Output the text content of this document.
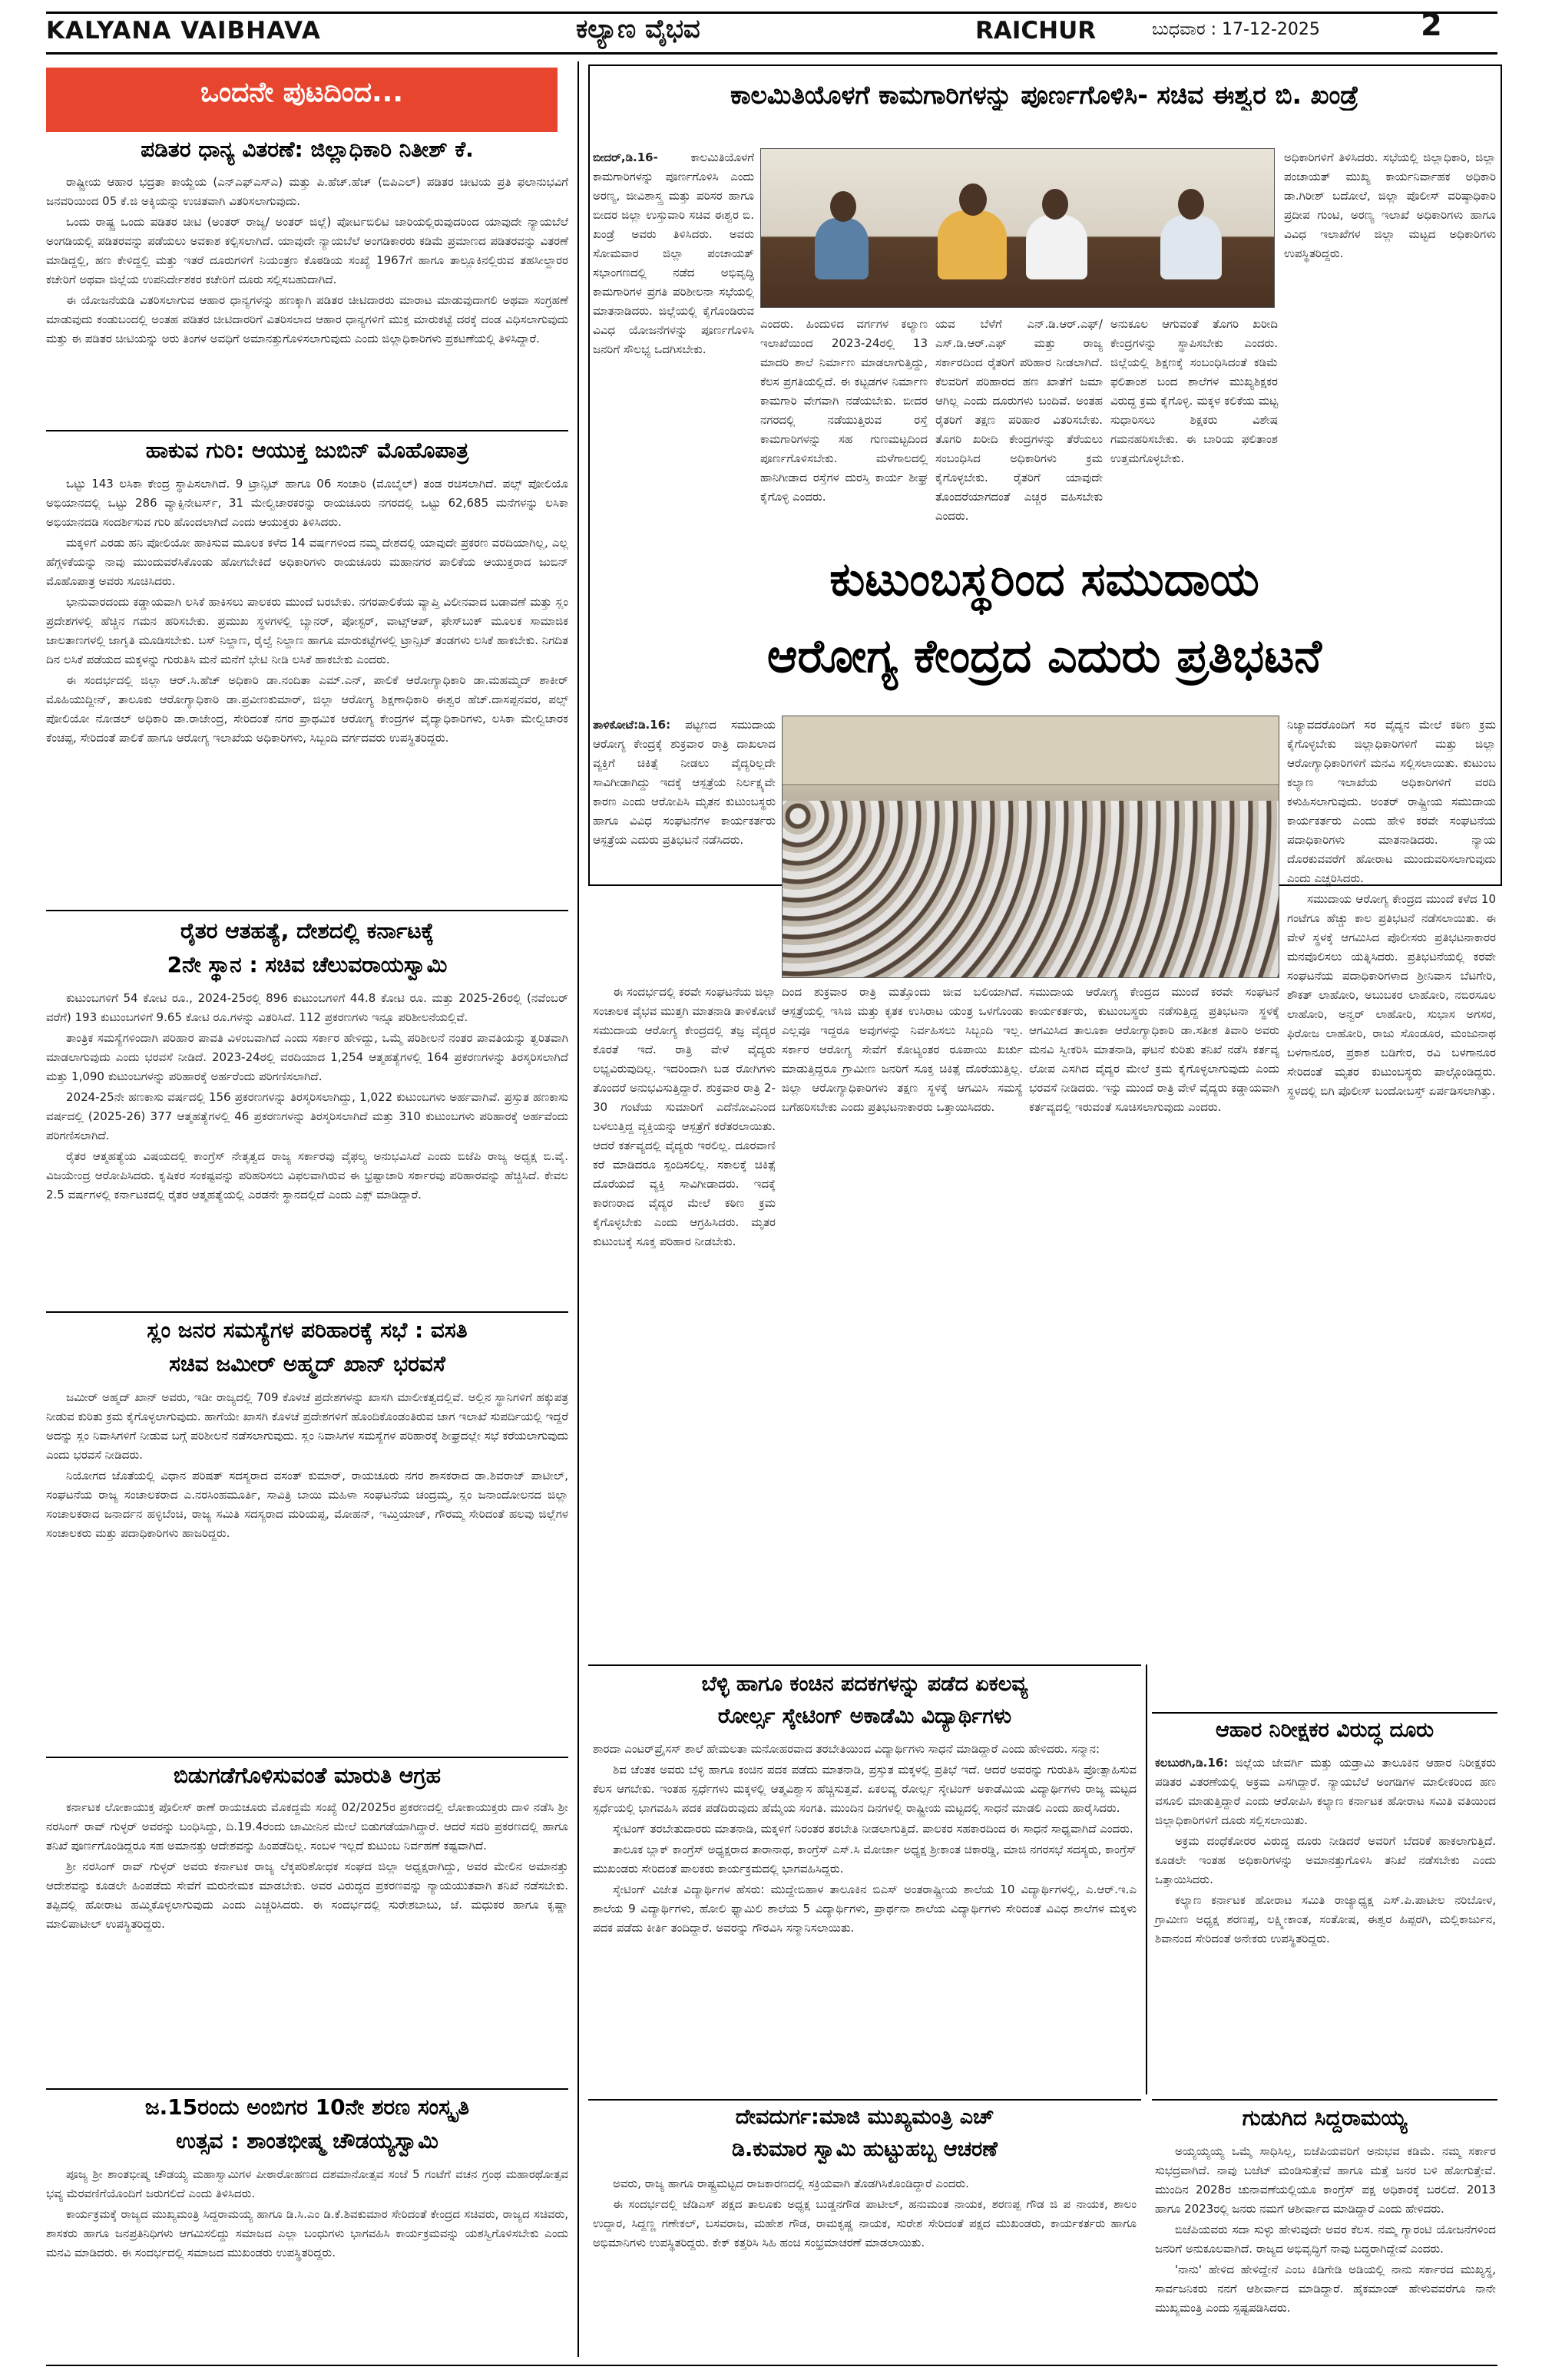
KALYANA VAIBHAVA	ಕಲ್ಯಾಣ ವೈಭವ	RAICHUR	ಬುಧವಾರ : 17-12-2025	2
ಒಂದನೇ ಪುಟದಿಂದ...
ಪಡಿತರ ಧಾನ್ಯ ವಿತರಣೆ: ಜಿಲ್ಲಾಧಿಕಾರಿ ನಿತೀಶ್ ಕೆ.

ರಾಷ್ಟ್ರೀಯ ಆಹಾರ ಭದ್ರತಾ ಕಾಯ್ದೆಯ (ಎನ್‌ಎಫ್‌ಎಸ್‌ಎ) ಮತ್ತು ಪಿ.ಹೆಚ್.ಹೆಚ್ (ಬಿಪಿಎಲ್) ಪಡಿತರ ಚೀಟಿಯ ಪ್ರತಿ ಫಲಾನುಭವಿಗೆ ಜನವರಿಯಿಂದ 05 ಕೆ.ಜಿ ಅಕ್ಕಿಯನ್ನು ಉಚಿತವಾಗಿ ವಿತರಿಸಲಾಗುವುದು.

ಒಂದು ರಾಷ್ಟ್ರ ಒಂದು ಪಡಿತರ ಚೀಟಿ (ಅಂತರ್ ರಾಜ್ಯ/ ಅಂತರ್ ಜಿಲ್ಲೆ) ಪೋರ್ಟಬಿಲಿಟಿ ಜಾರಿಯಲ್ಲಿರುವುದರಿಂದ ಯಾವುದೇ ನ್ಯಾಯಬೆಲೆ ಅಂಗಡಿಯಲ್ಲಿ ಪಡಿತರವನ್ನು ಪಡೆಯಲು ಅವಕಾಶ ಕಲ್ಪಿಸಲಾಗಿದೆ. ಯಾವುದೇ ನ್ಯಾಯಬೆಲೆ ಅಂಗಡಿಕಾರರು ಕಡಿಮೆ ಪ್ರಮಾಣದ ಪಡಿತರವನ್ನು ವಿತರಣೆ ಮಾಡಿದ್ದಲ್ಲಿ, ಹಣ ಕೇಳಿದ್ದಲ್ಲಿ ಮತ್ತು ಇತರೆ ದೂರುಗಳಿಗೆ ನಿಯಂತ್ರಣ ಕೊಠಡಿಯ ಸಂಖ್ಯೆ 1967ಗೆ ಹಾಗೂ ತಾಲ್ಲೂಕಿನಲ್ಲಿರುವ ತಹಸೀಲ್ದಾರರ ಕಚೇರಿಗೆ ಅಥವಾ ಜಿಲ್ಲೆಯ ಉಪನಿರ್ದೇಶಕರ ಕಚೇರಿಗೆ ದೂರು ಸಲ್ಲಿಸಬಹುದಾಗಿದೆ.

ಈ ಯೋಜನೆಯಡಿ ವಿತರಿಸಲಾಗುವ ಆಹಾರ ಧಾನ್ಯಗಳನ್ನು ಹಣಕ್ಕಾಗಿ ಪಡಿತರ ಚೀಟಿದಾರರು ಮಾರಾಟ ಮಾಡುವುದಾಗಲಿ ಅಥವಾ ಸಂಗ್ರಹಣೆ ಮಾಡುವುದು ಕಂಡುಬಂದಲ್ಲಿ ಅಂತಹ ಪಡಿತರ ಚೀಟಿದಾರರಿಗೆ ವಿತರಿಸಲಾದ ಆಹಾರ ಧಾನ್ಯಗಳಿಗೆ ಮುಕ್ತ ಮಾರುಕಟ್ಟೆ ದರಕ್ಕೆ ದಂಡ ವಿಧಿಸಲಾಗುವುದು ಮತ್ತು ಈ ಪಡಿತರ ಚೀಟಿಯನ್ನು ಅರು ತಿಂಗಳ ಅವಧಿಗೆ ಅಮಾನತ್ತುಗೊಳಿಸಲಾಗುವುದು ಎಂದು ಜಿಲ್ಲಾಧಿಕಾರಿಗಳು ಪ್ರಕಟಣೆಯಲ್ಲಿ ತಿಳಿಸಿದ್ದಾರೆ.

ಹಾಕುವ ಗುರಿ: ಆಯುಕ್ತ ಜುಬಿನ್ ಮೊಹೊಪಾತ್ರ

ಒಟ್ಟು 143 ಲಸಿಕಾ ಕೇಂದ್ರ ಸ್ಥಾಪಿಸಲಾಗಿದೆ. 9 ಟ್ರಾನ್ಸಿಟ್ ಹಾಗೂ 06 ಸಂಚಾರಿ (ಮೊಬೈಲ್) ತಂಡ ರಚಿಸಲಾಗಿದೆ. ಪಲ್ಸ್ ಪೋಲಿಯೊ ಅಭಿಯಾನದಲ್ಲಿ ಒಟ್ಟು 286 ವ್ಯಾಕ್ಸಿನೇಟರ್ಸ್, 31 ಮೇಲ್ವಿಚಾರಕರನ್ನು ರಾಯಚೂರು ನಗರದಲ್ಲಿ ಒಟ್ಟು 62,685 ಮನೆಗಳನ್ನು ಲಸಿಕಾ ಅಭಿಯಾನದಡಿ ಸಂದರ್ಶಿಸುವ ಗುರಿ ಹೊಂದಲಾಗಿದೆ ಎಂದು ಆಯುಕ್ತರು ತಿಳಿಸಿದರು.

ಮಕ್ಕಳಿಗೆ ಎರಡು ಹನಿ ಪೋಲಿಯೋ ಹಾಕಿಸುವ ಮೂಲಕ ಕಳೆದ 14 ವರ್ಷಗಳಿಂದ ನಮ್ಮ ದೇಶದಲ್ಲಿ ಯಾವುದೇ ಪ್ರಕರಣ ವರದಿಯಾಗಿಲ್ಲ, ಎಲ್ಲ ಹೆಗ್ಗಳಿಕೆಯನ್ನು ನಾವು ಮುಂದುವರೆಸಿಕೊಂಡು ಹೋಗಬೇಕಿದೆ ಅಧಿಕಾರಿಗಳು ರಾಯಚೂರು ಮಹಾನಗರ ಪಾಲಿಕೆಯ ಆಯುಕ್ತರಾದ ಜುಬಿನ್ ಮೊಹೊಪಾತ್ರ ಅವರು ಸೂಚಿಸಿದರು.

ಭಾನುವಾರದಂದು ಕಡ್ಡಾಯವಾಗಿ ಲಸಿಕೆ ಹಾಕಿಸಲು ಪಾಲಕರು ಮುಂದೆ ಬರಬೇಕು. ನಗರಪಾಲಿಕೆಯ ವ್ಯಾಪ್ತಿ ವಿಲೀನವಾದ ಬಡಾವಣೆ ಮತ್ತು ಸ್ಲಂ ಪ್ರದೇಶಗಳಲ್ಲಿ ಹೆಚ್ಚಿನ ಗಮನ ಹರಿಸಬೇಕು. ಪ್ರಮುಖ ಸ್ಥಳಗಳಲ್ಲಿ ಬ್ಯಾನರ್, ಪೋಸ್ಟರ್, ವಾಟ್ಸ್‌ಆಪ್, ಫೇಸ್‌ಬುಕ್ ಮೂಲಕ ಸಾಮಾಜಿಕ ಜಾಲತಾಣಗಳಲ್ಲಿ ಜಾಗೃತಿ ಮೂಡಿಸಬೇಕು. ಬಸ್ ನಿಲ್ದಾಣ, ರೈಲ್ವೆ ನಿಲ್ದಾಣ ಹಾಗೂ ಮಾರುಕಟ್ಟೆಗಳಲ್ಲಿ ಟ್ರಾನ್ಸಿಟ್ ತಂಡಗಳು ಲಸಿಕೆ ಹಾಕಬೇಕು. ನಿಗದಿತ ದಿನ ಲಸಿಕೆ ಪಡೆಯದ ಮಕ್ಕಳನ್ನು ಗುರುತಿಸಿ ಮನೆ ಮನೆಗೆ ಭೇಟಿ ನೀಡಿ ಲಸಿಕೆ ಹಾಕಬೇಕು ಎಂದರು.

ಈ ಸಂದರ್ಭದಲ್ಲಿ ಜಿಲ್ಲಾ ಆರ್.ಸಿ.ಹೆಚ್ ಅಧಿಕಾರಿ ಡಾ.ನಂದಿತಾ ಎಮ್.ಎನ್, ಪಾಲಿಕೆ ಆರೋಗ್ಯಾಧಿಕಾರಿ ಡಾ.ಮಹಮ್ಮದ್ ಶಾಕೀರ್ ಮೊಹಿಯುದ್ದೀನ್, ತಾಲೂಕು ಆರೋಗ್ಯಾಧಿಕಾರಿ ಡಾ.ಪ್ರವೀಣಕುಮಾರ್, ಜಿಲ್ಲಾ ಆರೋಗ್ಯ ಶಿಕ್ಷಣಾಧಿಕಾರಿ ಈಶ್ವರ ಹೆಚ್.ದಾಸಪ್ಪನವರ, ಪಲ್ಸ್ ಪೋಲಿಯೋ ನೋಡಲ್ ಅಧಿಕಾರಿ ಡಾ.ರಾಜೇಂದ್ರ, ಸೇರಿದಂತೆ ನಗರ ಪ್ರಾಥಮಿಕ ಆರೋಗ್ಯ ಕೇಂದ್ರಗಳ ವೈದ್ಯಾಧಿಕಾರಿಗಳು, ಲಸಿಕಾ ಮೇಲ್ವಿಚಾರಕ ಕೆಂಚಪ್ಪ, ಸೇರಿದಂತೆ ಪಾಲಿಕೆ ಹಾಗೂ ಆರೋಗ್ಯ ಇಲಾಖೆಯ ಅಧಿಕಾರಿಗಳು, ಸಿಬ್ಬಂದಿ ವರ್ಗದವರು ಉಪಸ್ಥಿತರಿದ್ದರು.

ರೈತರ ಆತಹತ್ಯೆ, ದೇಶದಲ್ಲಿ ಕರ್ನಾಟಕ್ಕೆ
2ನೇ ಸ್ಥಾನ : ಸಚಿವ ಚೆಲುವರಾಯಸ್ವಾಮಿ

ಕುಟುಂಬಗಳಿಗೆ 54 ಕೋಟಿ ರೂ., 2024-25ರಲ್ಲಿ 896 ಕುಟುಂಬಗಳಿಗೆ 44.8 ಕೋಟಿ ರೂ. ಮತ್ತು 2025-26ರಲ್ಲಿ (ನವೆಂಬರ್ ವರೆಗೆ) 193 ಕುಟುಂಬಗಳಿಗೆ 9.65 ಕೋಟಿ ರೂ.ಗಳನ್ನು ವಿತರಿಸಿದೆ. 112 ಪ್ರಕರಣಗಳು ಇನ್ನೂ ಪರಿಶೀಲನೆಯಲ್ಲಿವೆ.

ತಾಂತ್ರಿಕ ಸಮಸ್ಯೆಗಳಿಂದಾಗಿ ಪರಿಹಾರ ಪಾವತಿ ವಿಳಂಬವಾಗಿದೆ ಎಂದು ಸರ್ಕಾರ ಹೇಳಿದ್ದು, ಒಮ್ಮೆ ಪರಿಶೀಲನೆ ನಂತರ ಪಾವತಿಯನ್ನು ತ್ವರಿತವಾಗಿ ಮಾಡಲಾಗುವುದು ಎಂದು ಭರವಸೆ ನೀಡಿದೆ. 2023-24ರಲ್ಲಿ ವರದಿಯಾದ 1,254 ಆತ್ಮಹತ್ಯೆಗಳಲ್ಲಿ 164 ಪ್ರಕರಣಗಳನ್ನು ತಿರಸ್ಕರಿಸಲಾಗಿದೆ ಮತ್ತು 1,090 ಕುಟುಂಬಗಳನ್ನು ಪರಿಹಾರಕ್ಕೆ ಅರ್ಹರೆಂದು ಪರಿಗಣಿಸಲಾಗಿದೆ.

2024-25ನೇ ಹಣಕಾಸು ವರ್ಷದಲ್ಲಿ 156 ಪ್ರಕರಣಗಳನ್ನು ತಿರಸ್ಕರಿಸಲಾಗಿದ್ದು, 1,022 ಕುಟುಂಬಗಳು ಅರ್ಹವಾಗಿವೆ. ಪ್ರಸ್ತುತ ಹಣಕಾಸು ವರ್ಷದಲ್ಲಿ (2025-26) 377 ಆತ್ಮಹತ್ಯೆಗಳಲ್ಲಿ 46 ಪ್ರಕರಣಗಳನ್ನು ತಿರಸ್ಕರಿಸಲಾಗಿದೆ ಮತ್ತು 310 ಕುಟುಂಬಗಳು ಪರಿಹಾರಕ್ಕೆ ಅರ್ಹವೆಂದು ಪರಿಗಣಿಸಲಾಗಿದೆ.

ರೈತರ ಆತ್ಮಹತ್ಯೆಯ ವಿಷಯದಲ್ಲಿ ಕಾಂಗ್ರೆಸ್ ನೇತೃತ್ವದ ರಾಜ್ಯ ಸರ್ಕಾರವು ವೈಫಲ್ಯ ಅನುಭವಿಸಿದೆ ಎಂದು ಬಿಜೆಪಿ ರಾಜ್ಯ ಅಧ್ಯಕ್ಷ ಬಿ.ವೈ. ವಿಜಯೇಂದ್ರ ಆರೋಪಿಸಿದರು. ಕೃಷಿಕರ ಸಂಕಷ್ಟವನ್ನು ಪರಿಹರಿಸಲು ವಿಫಲವಾಗಿರುವ ಈ ಭ್ರಷ್ಟಾಚಾರಿ ಸರ್ಕಾರವು ಪರಿಹಾರವನ್ನು ಹೆಚ್ಚಿಸಿದೆ. ಕೇವಲ 2.5 ವರ್ಷಗಳಲ್ಲಿ ಕರ್ನಾಟಕದಲ್ಲಿ ರೈತರ ಆತ್ಮಹತ್ಯೆಯಲ್ಲಿ ಎರಡನೇ ಸ್ಥಾನದಲ್ಲಿದೆ ಎಂದು ಎಕ್ಸ್ ಮಾಡಿದ್ದಾರೆ.

ಸ್ಲಂ ಜನರ ಸಮಸ್ಯೆಗಳ ಪರಿಹಾರಕ್ಕೆ ಸಭೆ : ವಸತಿ
ಸಚಿವ ಜಮೀರ್ ಅಹ್ಮದ್ ಖಾನ್ ಭರವಸೆ

ಜಮೀರ್ ಅಹ್ಮದ್ ಖಾನ್ ಅವರು, ಇಡೀ ರಾಜ್ಯದಲ್ಲಿ 709 ಕೊಳಚೆ ಪ್ರದೇಶಗಳನ್ನು ಖಾಸಗಿ ಮಾಲೀಕತ್ವದಲ್ಲಿವೆ. ಅಲ್ಲಿನ ಸ್ಥಾನಿಗಳಿಗೆ ಹಕ್ಕುಪತ್ರ ನೀಡುವ ಕುರಿತು ಕ್ರಮ ಕೈಗೊಳ್ಳಲಾಗುವುದು. ಹಾಗೆಯೇ ಖಾಸಗಿ ಕೊಳಚೆ ಪ್ರದೇಶಗಳಿಗೆ ಹೊಂದಿಕೊಂಡಂತಿರುವ ಜಾಗ ಇಲಾಖೆ ಸುಪರ್ದಿಯಲ್ಲಿ ಇದ್ದರೆ ಅದನ್ನು ಸ್ಲಂ ನಿವಾಸಿಗಳಿಗೆ ನೀಡುವ ಬಗ್ಗೆ ಪರಿಶೀಲನೆ ನಡೆಸಲಾಗುವುದು. ಸ್ಲಂ ನಿವಾಸಿಗಳ ಸಮಸ್ಯೆಗಳ ಪರಿಹಾರಕ್ಕೆ ಶೀಘ್ರದಲ್ಲೇ ಸಭೆ ಕರೆಯಲಾಗುವುದು ಎಂದು ಭರವಸೆ ನೀಡಿದರು.

ನಿಯೋಗದ ಜೊತೆಯಲ್ಲಿ ವಿಧಾನ ಪರಿಷತ್ ಸದಸ್ಯರಾದ ವಸಂತ್ ಕುಮಾರ್, ರಾಯಚೂರು ನಗರ ಶಾಸಕರಾದ ಡಾ.ಶಿವರಾಜ್ ಪಾಟೀಲ್, ಸಂಘಟನೆಯ ರಾಜ್ಯ ಸಂಚಾಲಕರಾದ ಎ.ನರಸಿಂಹಮೂರ್ತಿ, ಸಾವಿತ್ರಿ ಬಾಯಿ ಮಹಿಳಾ ಸಂಘಟನೆಯ ಚಂದ್ರಮ್ಮ, ಸ್ಲಂ ಜನಾಂದೋಲನದ ಜಿಲ್ಲಾ ಸಂಚಾಲಕರಾದ ಜನಾರ್ದನ ಹಳ್ಳಿಬೆಂಚಿ, ರಾಜ್ಯ ಸಮಿತಿ ಸದಸ್ಯರಾದ ಮರಿಯಪ್ಪ, ಮೋಹನ್, ಇಮ್ತಿಯಾಜ್, ಗೌರಮ್ಮ ಸೇರಿದಂತೆ ಹಲವು ಜಿಲ್ಲೆಗಳ ಸಂಚಾಲಕರು ಮತ್ತು ಪದಾಧಿಕಾರಿಗಳು ಹಾಜರಿದ್ದರು.

ಬಿಡುಗಡೆಗೊಳಿಸುವಂತೆ ಮಾರುತಿ ಆಗ್ರಹ

ಕರ್ನಾಟಕ ಲೋಕಾಯುಕ್ತ ಪೊಲೀಸ್ ಠಾಣೆ ರಾಯಚೂರು ಮೊಕದ್ದಮೆ ಸಂಖ್ಯೆ 02/2025ರ ಪ್ರಕರಣದಲ್ಲಿ ಲೋಕಾಯುಕ್ತರು ದಾಳಿ ನಡೆಸಿ ಶ್ರೀ ನರಸಿಂಗ್ ರಾವ್ ಗುಳ್ಳರ್ ಅವರನ್ನು ಬಂಧಿಸಿದ್ದು, ದಿ.19.4ರಂದು ಜಾಮೀನಿನ ಮೇಲೆ ಬಿಡುಗಡೆಯಾಗಿದ್ದಾರೆ. ಆದರೆ ಸದರಿ ಪ್ರಕರಣದಲ್ಲಿ ಹಾಗೂ ತನಿಖೆ ಪೂರ್ಣಗೊಂಡಿದ್ದರೂ ಸಹ ಅಮಾನತ್ತು ಆದೇಶವನ್ನು ಹಿಂಪಡೆದಿಲ್ಲ. ಸಂಬಳ ಇಲ್ಲದೆ ಕುಟುಂಬ ನಿರ್ವಹಣೆ ಕಷ್ಟವಾಗಿದೆ.

ಶ್ರೀ ನರಸಿಂಗ್ ರಾವ್ ಗುಳ್ಳರ್ ಅವರು ಕರ್ನಾಟಕ ರಾಜ್ಯ ಲೆಕ್ಕಪರಿಶೋಧಕ ಸಂಘದ ಜಿಲ್ಲಾ ಅಧ್ಯಕ್ಷರಾಗಿದ್ದು, ಅವರ ಮೇಲಿನ ಅಮಾನತ್ತು ಆದೇಶವನ್ನು ಕೂಡಲೇ ಹಿಂಪಡೆದು ಸೇವೆಗೆ ಮರುನೇಮಕ ಮಾಡಬೇಕು. ಅವರ ವಿರುದ್ಧದ ಪ್ರಕರಣವನ್ನು ನ್ಯಾಯಯುತವಾಗಿ ತನಿಖೆ ನಡೆಸಬೇಕು. ತಪ್ಪಿದಲ್ಲಿ ಹೋರಾಟ ಹಮ್ಮಿಕೊಳ್ಳಲಾಗುವುದು ಎಂದು ಎಚ್ಚರಿಸಿದರು. ಈ ಸಂದರ್ಭದಲ್ಲಿ ಸುರೇಶಬಾಬು, ಜೆ. ಮಧುಕರ ಹಾಗೂ ಕೃಷ್ಣಾ ಮಾಲಿಪಾಟೀಲ್ ಉಪಸ್ಥಿತರಿದ್ದರು.

ಜ.15ರಂದು ಅಂಬಿಗರ 10ನೇ ಶರಣ ಸಂಸ್ಕೃತಿ
ಉತ್ಸವ : ಶಾಂತಭೀಷ್ಮ ಚೌಡಯ್ಯಸ್ವಾಮಿ

ಪೂಜ್ಯ ಶ್ರೀ ಶಾಂತಭೀಷ್ಮ ಚೌಡಯ್ಯ ಮಹಾಸ್ವಾಮಿಗಳ ಪೀಠಾರೋಹಣದ ದಶಮಾನೋತ್ಸವ ಸಂಜೆ 5 ಗಂಟೆಗೆ ವಚನ ಗ್ರಂಥ ಮಹಾರಥೋತ್ಸವ ಭವ್ಯ ಮೆರವಣಿಗೆಯೊಂದಿಗೆ ಜರುಗಲಿದೆ ಎಂದು ತಿಳಿಸಿದರು.

ಕಾರ್ಯಕ್ರಮಕ್ಕೆ ರಾಜ್ಯದ ಮುಖ್ಯಮಂತ್ರಿ ಸಿದ್ದರಾಮಯ್ಯ ಹಾಗೂ ಡಿ.ಸಿ.ಎಂ ಡಿ.ಕೆ.ಶಿವಕುಮಾರ ಸೇರಿದಂತೆ ಕೇಂದ್ರದ ಸಚಿವರು, ರಾಜ್ಯದ ಸಚಿವರು, ಶಾಸಕರು ಹಾಗೂ ಜನಪ್ರತಿನಿಧಿಗಳು ಆಗಮಿಸಲಿದ್ದು ಸಮಾಜದ ಎಲ್ಲಾ ಬಂಧುಗಳು ಭಾಗವಹಿಸಿ ಕಾರ್ಯಕ್ರಮವನ್ನು ಯಶಸ್ವಿಗೊಳಿಸಬೇಕು ಎಂದು ಮನವಿ ಮಾಡಿದರು. ಈ ಸಂದರ್ಭದಲ್ಲಿ ಸಮಾಜದ ಮುಖಂಡರು ಉಪಸ್ಥಿತರಿದ್ದರು.

ಕಾಲಮಿತಿಯೊಳಗೆ ಕಾಮಗಾರಿಗಳನ್ನು ಪೂರ್ಣಗೊಳಿಸಿ- ಸಚಿವ ಈಶ್ವರ ಬಿ. ಖಂಡ್ರೆ

ಬೀದರ್,ಡಿ.16-	ಕಾಲಮಿತಿಯೊಳಗೆ ಕಾಮಗಾರಿಗಳನ್ನು ಪೂರ್ಣಗೊಳಿಸಿ ಎಂದು ಅರಣ್ಯ, ಜೀವಿಶಾಸ್ತ್ರ ಮತ್ತು ಪರಿಸರ ಹಾಗೂ ಬೀದರ ಜಿಲ್ಲಾ ಉಸ್ತುವಾರಿ ಸಚಿವ ಈಶ್ವರ ಬಿ. ಖಂಡ್ರೆ ಅವರು ತಿಳಿಸಿದರು. ಅವರು ಸೋಮವಾರ ಜಿಲ್ಲಾ ಪಂಚಾಯತ್ ಸಭಾಂಗಣದಲ್ಲಿ ನಡೆದ ಅಭಿವೃದ್ಧಿ ಕಾಮಗಾರಿಗಳ ಪ್ರಗತಿ ಪರಿಶೀಲನಾ ಸಭೆಯಲ್ಲಿ ಮಾತನಾಡಿದರು. ಜಿಲ್ಲೆಯಲ್ಲಿ ಕೈಗೊಂಡಿರುವ ವಿವಿಧ ಯೋಜನೆಗಳನ್ನು ಪೂರ್ಣಗೊಳಿಸಿ ಜನರಿಗೆ ಸೌಲಭ್ಯ ಒದಗಿಸಬೇಕು.

ಎಂದರು. ಹಿಂದುಳಿದ ವರ್ಗಗಳ ಕಲ್ಯಾಣ ಇಲಾಖೆಯಿಂದ 2023-24ರಲ್ಲಿ 13 ಮಾದರಿ ಶಾಲೆ ನಿರ್ಮಾಣ ಮಾಡಲಾಗುತ್ತಿದ್ದು, ಕೆಲಸ ಪ್ರಗತಿಯಲ್ಲಿದೆ. ಈ ಕಟ್ಟಡಗಳ ನಿರ್ಮಾಣ ಕಾಮಗಾರಿ ವೇಗವಾಗಿ ನಡೆಯಬೇಕು. ಬೀದರ ನಗರದಲ್ಲಿ ನಡೆಯುತ್ತಿರುವ ರಸ್ತೆ ಕಾಮಗಾರಿಗಳನ್ನು ಸಹ ಗುಣಮಟ್ಟದಿಂದ ಪೂರ್ಣಗೊಳಿಸಬೇಕು. ಮಳೆಗಾಲದಲ್ಲಿ ಹಾನಿಗೀಡಾದ ರಸ್ತೆಗಳ ದುರಸ್ತಿ ಕಾರ್ಯ ಶೀಘ್ರ ಕೈಗೊಳ್ಳಿ ಎಂದರು.

ಯವ ಬೆಳೆಗೆ ಎನ್.ಡಿ.ಆರ್.ಎಫ್/ಎಸ್.ಡಿ.ಆರ್.ಎಫ್ ಮತ್ತು ರಾಜ್ಯ ಸರ್ಕಾರದಿಂದ ರೈತರಿಗೆ ಪರಿಹಾರ ನೀಡಲಾಗಿದೆ. ಕೆಲವರಿಗೆ ಪರಿಹಾರದ ಹಣ ಖಾತೆಗೆ ಜಮಾ ಆಗಿಲ್ಲ ಎಂದು ದೂರುಗಳು ಬಂದಿವೆ. ಅಂತಹ ರೈತರಿಗೆ ತಕ್ಷಣ ಪರಿಹಾರ ವಿತರಿಸಬೇಕು. ತೊಗರಿ ಖರೀದಿ ಕೇಂದ್ರಗಳನ್ನು ತೆರೆಯಲು ಸಂಬಂಧಿಸಿದ ಅಧಿಕಾರಿಗಳು ಕ್ರಮ ಕೈಗೊಳ್ಳಬೇಕು. ರೈತರಿಗೆ ಯಾವುದೇ ತೊಂದರೆಯಾಗದಂತೆ ಎಚ್ಚರ ವಹಿಸಬೇಕು ಎಂದರು.

ಅನುಕೂಲ ಆಗುವಂತೆ ತೊಗರಿ ಖರೀದಿ ಕೇಂದ್ರಗಳನ್ನು ಸ್ಥಾಪಿಸಬೇಕು ಎಂದರು. ಜಿಲ್ಲೆಯಲ್ಲಿ ಶಿಕ್ಷಣಕ್ಕೆ ಸಂಬಂಧಿಸಿದಂತೆ ಕಡಿಮೆ ಫಲಿತಾಂಶ ಬಂದ ಶಾಲೆಗಳ ಮುಖ್ಯಶಿಕ್ಷಕರ ವಿರುದ್ಧ ಕ್ರಮ ಕೈಗೊಳ್ಳಿ. ಮಕ್ಕಳ ಕಲಿಕೆಯ ಮಟ್ಟ ಸುಧಾರಿಸಲು ಶಿಕ್ಷಕರು ವಿಶೇಷ ಗಮನಹರಿಸಬೇಕು. ಈ ಬಾರಿಯ ಫಲಿತಾಂಶ ಉತ್ತಮಗೊಳ್ಳಬೇಕು.

ಅಧಿಕಾರಿಗಳಿಗೆ ತಿಳಿಸಿದರು. ಸಭೆಯಲ್ಲಿ ಜಿಲ್ಲಾಧಿಕಾರಿ, ಜಿಲ್ಲಾ ಪಂಚಾಯತ್ ಮುಖ್ಯ ಕಾರ್ಯನಿರ್ವಾಹಕ ಅಧಿಕಾರಿ ಡಾ.ಗಿರೀಶ್ ಬದೋಲೆ, ಜಿಲ್ಲಾ ಪೊಲೀಸ್ ವರಿಷ್ಠಾಧಿಕಾರಿ ಪ್ರದೀಪ ಗುಂಟಿ, ಅರಣ್ಯ ಇಲಾಖೆ ಅಧಿಕಾರಿಗಳು ಹಾಗೂ ವಿವಿಧ ಇಲಾಖೆಗಳ ಜಿಲ್ಲಾ ಮಟ್ಟದ ಅಧಿಕಾರಿಗಳು ಉಪಸ್ಥಿತರಿದ್ದರು.

ಕುಟುಂಬಸ್ಥರಿಂದ ಸಮುದಾಯ
ಆರೋಗ್ಯ ಕೇಂದ್ರದ ಎದುರು ಪ್ರತಿಭಟನೆ

ತಾಳಿಕೋಟೆ:ಡಿ.16: ಪಟ್ಟಣದ ಸಮುದಾಯ ಆರೋಗ್ಯ ಕೇಂದ್ರಕ್ಕೆ ಶುಕ್ರವಾರ ರಾತ್ರಿ ದಾಖಲಾದ ವ್ಯಕ್ತಿಗೆ ಚಿಕಿತ್ಸೆ ನೀಡಲು ವೈದ್ಯರಿಲ್ಲದೇ ಸಾವಿಗೀಡಾಗಿದ್ದು ಇದಕ್ಕೆ ಆಸ್ಪತ್ರೆಯ ನಿರ್ಲಕ್ಷ್ಯವೇ ಕಾರಣ ಎಂದು ಆರೋಪಿಸಿ ಮೃತನ ಕುಟುಂಬಸ್ಥರು ಹಾಗೂ ವಿವಿಧ ಸಂಘಟನೆಗಳ ಕಾರ್ಯಕರ್ತರು ಆಸ್ಪತ್ರೆಯ ಎದುರು ಪ್ರತಿಭಟನೆ ನಡೆಸಿದರು.

ಈ ಸಂದರ್ಭದಲ್ಲಿ ಕರವೇ ಸಂಘಟನೆಯ ಜಿಲ್ಲಾ ಸಂಚಾಲಕ ವೈಭವ ಮುತ್ತಗಿ ಮಾತನಾಡಿ ತಾಳಿಕೋಟೆ ಸಮುದಾಯ ಆರೋಗ್ಯ ಕೇಂದ್ರದಲ್ಲಿ ತಜ್ಞ ವೈದ್ಯರ ಕೊರತೆ ಇದೆ. ರಾತ್ರಿ ವೇಳೆ ವೈದ್ಯರು ಲಭ್ಯವಿರುವುದಿಲ್ಲ. ಇದರಿಂದಾಗಿ ಬಡ ರೋಗಿಗಳು ತೊಂದರೆ ಅನುಭವಿಸುತ್ತಿದ್ದಾರೆ. ಶುಕ್ರವಾರ ರಾತ್ರಿ 2-30 ಗಂಟೆಯ ಸುಮಾರಿಗೆ ಎದೆನೋವಿನಿಂದ ಬಳಲುತ್ತಿದ್ದ ವ್ಯಕ್ತಿಯನ್ನು ಆಸ್ಪತ್ರೆಗೆ ಕರೆತರಲಾಯಿತು. ಆದರೆ ಕರ್ತವ್ಯದಲ್ಲಿ ವೈದ್ಯರು ಇರಲಿಲ್ಲ. ದೂರವಾಣಿ ಕರೆ ಮಾಡಿದರೂ ಸ್ಪಂದಿಸಲಿಲ್ಲ. ಸಕಾಲಕ್ಕೆ ಚಿಕಿತ್ಸೆ ದೊರೆಯದೆ ವ್ಯಕ್ತಿ ಸಾವಿಗೀಡಾದರು. ಇದಕ್ಕೆ ಕಾರಣರಾದ ವೈದ್ಯರ ಮೇಲೆ ಕಠಿಣ ಕ್ರಮ ಕೈಗೊಳ್ಳಬೇಕು ಎಂದು ಆಗ್ರಹಿಸಿದರು. ಮೃತರ ಕುಟುಂಬಕ್ಕೆ ಸೂಕ್ತ ಪರಿಹಾರ ನೀಡಬೇಕು.

ದಿಂದ ಶುಕ್ರವಾರ ರಾತ್ರಿ ಮತ್ತೊಂದು ಜೀವ ಬಲಿಯಾಗಿದೆ. ಆಸ್ಪತ್ರೆಯಲ್ಲಿ ಇಸಿಜಿ ಮತ್ತು ಕೃತಕ ಉಸಿರಾಟ ಯಂತ್ರ ಒಳಗೊಂಡು ಎಲ್ಲವೂ ಇದ್ದರೂ ಅವುಗಳನ್ನು ನಿರ್ವಹಿಸಲು ಸಿಬ್ಬಂದಿ ಇಲ್ಲ. ಸರ್ಕಾರ ಆರೋಗ್ಯ ಸೇವೆಗೆ ಕೋಟ್ಯಂತರ ರೂಪಾಯಿ ಖರ್ಚು ಮಾಡುತ್ತಿದ್ದರೂ ಗ್ರಾಮೀಣ ಜನರಿಗೆ ಸೂಕ್ತ ಚಿಕಿತ್ಸೆ ದೊರೆಯುತ್ತಿಲ್ಲ. ಜಿಲ್ಲಾ ಆರೋಗ್ಯಾಧಿಕಾರಿಗಳು ತಕ್ಷಣ ಸ್ಥಳಕ್ಕೆ ಆಗಮಿಸಿ ಸಮಸ್ಯೆ ಬಗೆಹರಿಸಬೇಕು ಎಂದು ಪ್ರತಿಭಟನಾಕಾರರು ಒತ್ತಾಯಿಸಿದರು.

ಸಮುದಾಯ ಆರೋಗ್ಯ ಕೇಂದ್ರದ ಮುಂದೆ ಕರವೇ ಸಂಘಟನೆ ಕಾರ್ಯಕರ್ತರು, ಕುಟುಂಬಸ್ಥರು ನಡೆಸುತ್ತಿದ್ದ ಪ್ರತಿಭಟನಾ ಸ್ಥಳಕ್ಕೆ ಆಗಮಿಸಿದ ತಾಲೂಕಾ ಆರೋಗ್ಯಾಧಿಕಾರಿ ಡಾ.ಸತೀಶ ತಿವಾರಿ ಅವರು ಮನವಿ ಸ್ವೀಕರಿಸಿ ಮಾತನಾಡಿ, ಘಟನೆ ಕುರಿತು ತನಿಖೆ ನಡೆಸಿ ಕರ್ತವ್ಯ ಲೋಪ ಎಸಗಿದ ವೈದ್ಯರ ಮೇಲೆ ಕ್ರಮ ಕೈಗೊಳ್ಳಲಾಗುವುದು ಎಂದು ಭರವಸೆ ನೀಡಿದರು. ಇನ್ನು ಮುಂದೆ ರಾತ್ರಿ ವೇಳೆ ವೈದ್ಯರು ಕಡ್ಡಾಯವಾಗಿ ಕರ್ತವ್ಯದಲ್ಲಿ ಇರುವಂತೆ ಸೂಚಿಸಲಾಗುವುದು ಎಂದರು.

ನಿಜ್ಯಾವದರೊಂದಿಗೆ ಸರ ವೈದ್ಯನ ಮೇಲೆ ಕಠಿಣ ಕ್ರಮ ಕೈಗೊಳ್ಳಬೇಕು ಜಿಲ್ಲಾಧಿಕಾರಿಗಳಿಗೆ ಮತ್ತು ಜಿಲ್ಲಾ ಆರೋಗ್ಯಾಧಿಕಾರಿಗಳಿಗೆ ಮನವಿ ಸಲ್ಲಿಸಲಾಯಿತು. ಕುಟುಂಬ ಕಲ್ಯಾಣ ಇಲಾಖೆಯ ಅಧಿಕಾರಿಗಳಿಗೆ ವರದಿ ಕಳುಹಿಸಲಾಗುವುದು. ಅಂತರ್ ರಾಷ್ಟ್ರೀಯ ಸಮುದಾಯ ಕಾರ್ಯಕರ್ತರು ಎಂದು ಹೇಳಿ ಕರವೇ ಸಂಘಟನೆಯ ಪದಾಧಿಕಾರಿಗಳು ಮಾತನಾಡಿದರು. ನ್ಯಾಯ ದೊರಕುವವರೆಗೆ ಹೋರಾಟ ಮುಂದುವರಿಸಲಾಗುವುದು ಎಂದು ಎಚ್ಚರಿಸಿದರು.

ಸಮುದಾಯ ಆರೋಗ್ಯ ಕೇಂದ್ರದ ಮುಂದೆ ಕಳೆದ 10 ಗಂಟೆಗೂ ಹೆಚ್ಚು ಕಾಲ ಪ್ರತಿಭಟನೆ ನಡೆಸಲಾಯಿತು. ಈ ವೇಳೆ ಸ್ಥಳಕ್ಕೆ ಆಗಮಿಸಿದ ಪೊಲೀಸರು ಪ್ರತಿಭಟನಾಕಾರರ ಮನವೊಲಿಸಲು ಯತ್ನಿಸಿದರು. ಪ್ರತಿಭಟನೆಯಲ್ಲಿ ಕರವೇ ಸಂಘಟನೆಯ ಪದಾಧಿಕಾರಿಗಳಾದ ಶ್ರೀನಿವಾಸ ಬೆಟಗೇರಿ, ಶೌಕತ್ ಲಾಹೋರಿ, ಅಬುಬಕರ ಲಾಹೋರಿ, ನಬಿರಸೂಲ ಲಾಹೋರಿ, ಅನ್ವರ್ ಲಾಹೋರಿ, ಸುಭಾಸ ಅಗಸರ, ಫಿರೋಜ ಲಾಹೋರಿ, ರಾಜು ಸೊಂಡೂರ, ಮಂಜುನಾಥ ಬಳಗಾನೂರ, ಪ್ರಕಾಶ ಬಡಿಗೇರ, ರವಿ ಬಳಗಾನೂರ ಸೇರಿದಂತೆ ಮೃತರ ಕುಟುಂಬಸ್ಥರು ಪಾಲ್ಗೊಂಡಿದ್ದರು. ಸ್ಥಳದಲ್ಲಿ ಬಿಗಿ ಪೊಲೀಸ್ ಬಂದೋಬಸ್ತ್ ಏರ್ಪಡಿಸಲಾಗಿತ್ತು.

ಬೆಳ್ಳಿ ಹಾಗೂ ಕಂಚಿನ ಪದಕಗಳನ್ನು ಪಡೆದ ಏಕಲವ್ಯ
ರೋರ್ಲ್ಸ ಸ್ಕೇಟಿಂಗ್ ಅಕಾಡೆಮಿ ವಿದ್ಯಾರ್ಥಿಗಳು

ಶಾರದಾ ಎಂಟರ್‌ಪ್ರೈಸಸ್ ಶಾಲೆ ಹೇಮಲತಾ ಮನೋಹರವಾದ ತರಬೇತಿಯಿಂದ ವಿದ್ಯಾರ್ಥಿಗಳು ಸಾಧನೆ ಮಾಡಿದ್ದಾರೆ ಎಂದು ಹೇಳಿದರು. ಸನ್ಮಾನ:

ಶಿವ ಚೆಂತಕ ಅವರು ಬೆಳ್ಳಿ ಹಾಗೂ ಕಂಚಿನ ಪದಕ ಪಡೆದು ಮಾತನಾಡಿ, ಪ್ರಸ್ತುತ ಮಕ್ಕಳಲ್ಲಿ ಪ್ರತಿಭೆ ಇದೆ. ಆದರೆ ಅವರನ್ನು ಗುರುತಿಸಿ ಪ್ರೋತ್ಸಾಹಿಸುವ ಕೆಲಸ ಆಗಬೇಕು. ಇಂತಹ ಸ್ಪರ್ಧೆಗಳು ಮಕ್ಕಳಲ್ಲಿ ಆತ್ಮವಿಶ್ವಾಸ ಹೆಚ್ಚಿಸುತ್ತವೆ. ಏಕಲವ್ಯ ರೋರ್ಲ್ಸ ಸ್ಕೇಟಿಂಗ್ ಅಕಾಡೆಮಿಯ ವಿದ್ಯಾರ್ಥಿಗಳು ರಾಜ್ಯ ಮಟ್ಟದ ಸ್ಪರ್ಧೆಯಲ್ಲಿ ಭಾಗವಹಿಸಿ ಪದಕ ಪಡೆದಿರುವುದು ಹೆಮ್ಮೆಯ ಸಂಗತಿ. ಮುಂದಿನ ದಿನಗಳಲ್ಲಿ ರಾಷ್ಟ್ರೀಯ ಮಟ್ಟದಲ್ಲಿ ಸಾಧನೆ ಮಾಡಲಿ ಎಂದು ಹಾರೈಸಿದರು.

ಸ್ಕೇಟಿಂಗ್ ತರಬೇತುದಾರರು ಮಾತನಾಡಿ, ಮಕ್ಕಳಿಗೆ ನಿರಂತರ ತರಬೇತಿ ನೀಡಲಾಗುತ್ತಿದೆ. ಪಾಲಕರ ಸಹಕಾರದಿಂದ ಈ ಸಾಧನೆ ಸಾಧ್ಯವಾಗಿದೆ ಎಂದರು.

ತಾಲೂಕ ಬ್ಲಾಕ್ ಕಾಂಗ್ರೆಸ್ ಅಧ್ಯಕ್ಷರಾದ ತಾರಾನಾಥ, ಕಾಂಗ್ರೆಸ್ ಎಸ್.ಸಿ ಮೋರ್ಚಾ ಅಧ್ಯಕ್ಷ ಶ್ರೀಕಾಂತ ಚಿಕಾರಡ್ಡಿ, ಮಾಜಿ ನಗರಸಭೆ ಸದಸ್ಯರು, ಕಾಂಗ್ರೆಸ್ ಮುಖಂಡರು ಸೇರಿದಂತೆ ಪಾಲಕರು ಕಾರ್ಯಕ್ರಮದಲ್ಲಿ ಭಾಗವಹಿಸಿದ್ದರು.

ಸ್ಕೇಟಿಂಗ್ ವಿಜೇತ ವಿದ್ಯಾರ್ಥಿಗಳ ಹೆಸರು: ಮುದ್ದೇಬಿಹಾಳ ತಾಲೂಕಿನ ಬಿಎಸ್ ಅಂತರಾಷ್ಟ್ರೀಯ ಶಾಲೆಯ 10 ವಿದ್ಯಾರ್ಥಿಗಳಲ್ಲಿ, ಎ.ಆರ್.ಇ.ಎ ಶಾಲೆಯ 9 ವಿದ್ಯಾರ್ಥಿಗಳು, ಹೋಲಿ ಫ್ಯಾಮಿಲಿ ಶಾಲೆಯ 5 ವಿದ್ಯಾರ್ಥಿಗಳು, ಪ್ರಾರ್ಥನಾ ಶಾಲೆಯ ವಿದ್ಯಾರ್ಥಿಗಳು ಸೇರಿದಂತೆ ವಿವಿಧ ಶಾಲೆಗಳ ಮಕ್ಕಳು ಪದಕ ಪಡೆದು ಕೀರ್ತಿ ತಂದಿದ್ದಾರೆ. ಅವರನ್ನು ಗೌರವಿಸಿ ಸನ್ಮಾನಿಸಲಾಯಿತು.

ಆಹಾರ ನಿರೀಕ್ಷಕರ ವಿರುದ್ಧ ದೂರು

ಕಲಬುರಗಿ,ಡಿ.16: ಜಿಲ್ಲೆಯ ಜೇವರ್ಗಿ ಮತ್ತು ಯಡ್ರಾಮಿ ತಾಲೂಕಿನ ಆಹಾರ ನಿರೀಕ್ಷಕರು ಪಡಿತರ ವಿತರಣೆಯಲ್ಲಿ ಅಕ್ರಮ ಎಸಗಿದ್ದಾರೆ. ನ್ಯಾಯಬೆಲೆ ಅಂಗಡಿಗಳ ಮಾಲೀಕರಿಂದ ಹಣ ವಸೂಲಿ ಮಾಡುತ್ತಿದ್ದಾರೆ ಎಂದು ಆರೋಪಿಸಿ ಕಲ್ಯಾಣ ಕರ್ನಾಟಕ ಹೋರಾಟ ಸಮಿತಿ ವತಿಯಿಂದ ಜಿಲ್ಲಾಧಿಕಾರಿಗಳಿಗೆ ದೂರು ಸಲ್ಲಿಸಲಾಯಿತು.

ಅಕ್ರಮ ದಂಧೆಕೋರರ ವಿರುದ್ಧ ದೂರು ನೀಡಿದರೆ ಅವರಿಗೆ ಬೆದರಿಕೆ ಹಾಕಲಾಗುತ್ತಿದೆ. ಕೂಡಲೇ ಇಂತಹ ಅಧಿಕಾರಿಗಳನ್ನು ಅಮಾನತ್ತುಗೊಳಿಸಿ ತನಿಖೆ ನಡೆಸಬೇಕು ಎಂದು ಒತ್ತಾಯಿಸಿದರು.

ಕಲ್ಯಾಣ ಕರ್ನಾಟಕ ಹೋರಾಟ ಸಮಿತಿ ರಾಜ್ಯಾಧ್ಯಕ್ಷ ಎಸ್.ಪಿ.ಪಾಟೀಲ ನರಿಬೋಳ, ಗ್ರಾಮೀಣ ಅಧ್ಯಕ್ಷ ಶರಣಪ್ಪ, ಲಕ್ಷ್ಮೀಕಾಂತ, ಸಂತೋಷ, ಈಶ್ವರ ಹಿಪ್ಪರಗಿ, ಮಲ್ಲಿಕಾರ್ಜುನ, ಶಿವಾನಂದ ಸೇರಿದಂತೆ ಅನೇಕರು ಉಪಸ್ಥಿತರಿದ್ದರು.

ದೇವದುರ್ಗ:ಮಾಜಿ ಮುಖ್ಯಮಂತ್ರಿ ಎಚ್
ಡಿ.ಕುಮಾರ ಸ್ವಾಮಿ ಹುಟ್ಟುಹಬ್ಬ ಆಚರಣೆ

ಅವರು, ರಾಜ್ಯ ಹಾಗೂ ರಾಷ್ಟ್ರಮಟ್ಟದ ರಾಜಕಾರಣದಲ್ಲಿ ಸಕ್ರಿಯವಾಗಿ ತೊಡಗಿಸಿಕೊಂಡಿದ್ದಾರೆ ಎಂದರು.

ಈ ಸಂದರ್ಭದಲ್ಲಿ ಜೆಡಿಎಸ್ ಪಕ್ಷದ ತಾಲೂಕು ಅಧ್ಯಕ್ಷ ಬುಡ್ಡನಗೌಡ ಪಾಟೀಲ್, ಹನುಮಂತ ನಾಯಕ, ಶರಣಪ್ಪ ಗೌಡ ಜಿ ಪ ನಾಯಕ, ಶಾಲಂ ಉದ್ದಾರ, ಸಿದ್ದಣ್ಣ ಗಣೇಕಲ್, ಬಸವರಾಜ, ಮಹೇಶ ಗೌಡ, ರಾಮಕೃಷ್ಣ ನಾಯಕ, ಸುರೇಶ ಸೇರಿದಂತೆ ಪಕ್ಷದ ಮುಖಂಡರು, ಕಾರ್ಯಕರ್ತರು ಹಾಗೂ ಅಭಿಮಾನಿಗಳು ಉಪಸ್ಥಿತರಿದ್ದರು. ಕೇಕ್ ಕತ್ತರಿಸಿ ಸಿಹಿ ಹಂಚಿ ಸಂಭ್ರಮಾಚರಣೆ ಮಾಡಲಾಯಿತು.

ಗುಡುಗಿದ ಸಿದ್ದರಾಮಯ್ಯ

ಅಯ್ಯಯ್ಯಯ್ಯ ಒಮ್ಮೆ ಸಾಧಿಸಿಲ್ಲ, ಬಿಜೆಪಿಯವರಿಗೆ ಅನುಭವ ಕಡಿಮೆ. ನಮ್ಮ ಸರ್ಕಾರ ಸುಭದ್ರವಾಗಿದೆ. ನಾವು ಬಜೆಟ್ ಮಂಡಿಸುತ್ತೇವೆ ಹಾಗೂ ಮತ್ತೆ ಜನರ ಬಳಿ ಹೋಗುತ್ತೇವೆ. ಮುಂದಿನ 2028ರ ಚುನಾವಣೆಯಲ್ಲಿಯೂ ಕಾಂಗ್ರೆಸ್ ಪಕ್ಷ ಅಧಿಕಾರಕ್ಕೆ ಬರಲಿದೆ. 2013 ಹಾಗೂ 2023ರಲ್ಲಿ ಜನರು ನಮಗೆ ಆಶೀರ್ವಾದ ಮಾಡಿದ್ದಾರೆ ಎಂದು ಹೇಳಿದರು.

ಬಿಜೆಪಿಯವರು ಸದಾ ಸುಳ್ಳು ಹೇಳುವುದೇ ಅವರ ಕೆಲಸ. ನಮ್ಮ ಗ್ಯಾರಂಟಿ ಯೋಜನೆಗಳಿಂದ ಜನರಿಗೆ ಅನುಕೂಲವಾಗಿದೆ. ರಾಜ್ಯದ ಅಭಿವೃದ್ಧಿಗೆ ನಾವು ಬದ್ಧರಾಗಿದ್ದೇವೆ ಎಂದರು.

'ನಾನು' ಹೇಳಿದ ಹೇಳಿದ್ದೇನೆ ಎಂಬ ಕಿಡಿಗೇಡಿ ಅಡಿಯಲ್ಲಿ ನಾನು ಸರ್ಕಾರದ ಮುಖ್ಯಸ್ಥ, ಸಾರ್ವಜನಿಕರು ನನಗೆ ಆಶೀರ್ವಾದ ಮಾಡಿದ್ದಾರೆ. ಹೈಕಮಾಂಡ್ ಹೇಳುವವರೆಗೂ ನಾನೇ ಮುಖ್ಯಮಂತ್ರಿ ಎಂದು ಸ್ಪಷ್ಟಪಡಿಸಿದರು.
